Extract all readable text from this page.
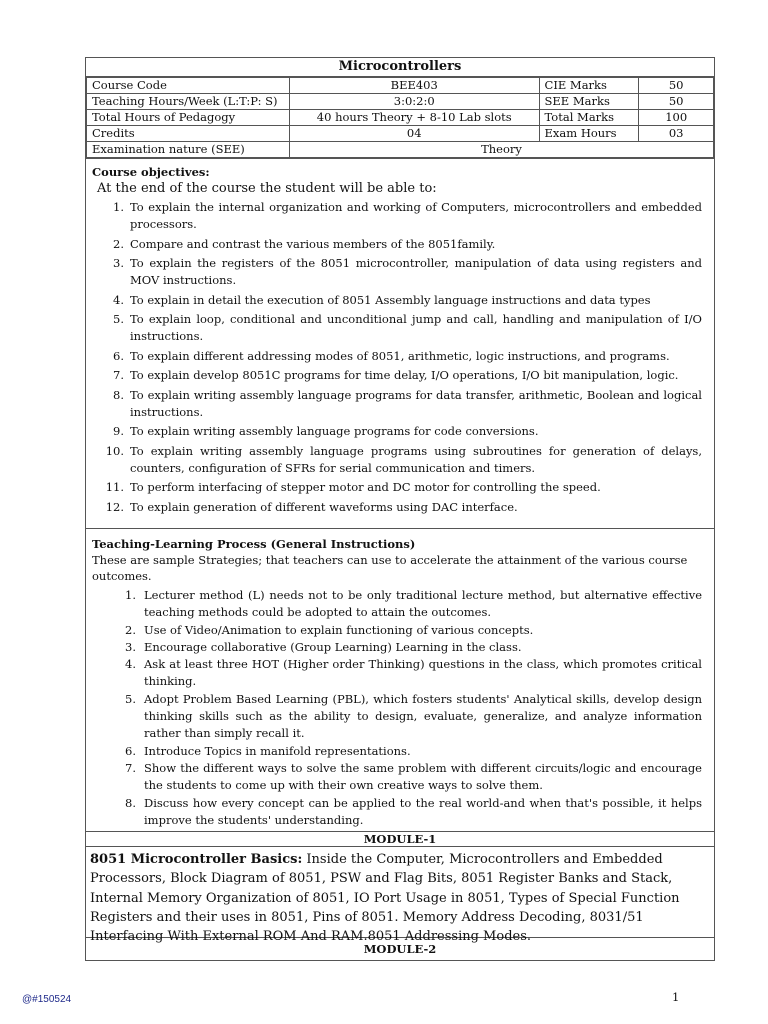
Microcontrollers
Course Code	BEE403	CIE Marks	50
Teaching Hours/Week (L:T:P: S)	3:0:2:0	SEE Marks	50
Total Hours of Pedagogy	40 hours Theory + 8-10 Lab slots	Total Marks	100
Credits	04	Exam Hours	03
Examination nature (SEE)	Theory		
Course objectives:
At the end of the course the student will be able to:
1. To explain the internal organization and working of Computers, microcontrollers and embedded processors.
2. Compare and contrast the various members of the 8051family.
3. To explain the registers of the 8051 microcontroller, manipulation of data using registers and MOV instructions.
4. To explain in detail the execution of 8051 Assembly language instructions and data types
5. To explain loop, conditional and unconditional jump and call, handling and manipulation of I/O instructions.
6. To explain different addressing modes of 8051, arithmetic, logic instructions, and programs.
7. To explain develop 8051C programs for time delay, I/O operations, I/O bit manipulation, logic.
8. To explain writing assembly language programs for data transfer, arithmetic, Boolean and logical instructions.
9. To explain writing assembly language programs for code conversions.
10. To explain writing assembly language programs using subroutines for generation of delays, counters, configuration of SFRs for serial communication and timers.
11. To perform interfacing of stepper motor and DC motor for controlling the speed.
12. To explain generation of different waveforms using DAC interface.
Teaching-Learning Process (General Instructions)
These are sample Strategies; that teachers can use to accelerate the attainment of the various course outcomes.
1. Lecturer method (L) needs not to be only traditional lecture method, but alternative effective teaching methods could be adopted to attain the outcomes.
2. Use of Video/Animation to explain functioning of various concepts.
3. Encourage collaborative (Group Learning) Learning in the class.
4. Ask at least three HOT (Higher order Thinking) questions in the class, which promotes critical thinking.
5. Adopt Problem Based Learning (PBL), which fosters students' Analytical skills, develop design thinking skills such as the ability to design, evaluate, generalize, and analyze information rather than simply recall it.
6. Introduce Topics in manifold representations.
7. Show the different ways to solve the same problem with different circuits/logic and encourage the students to come up with their own creative ways to solve them.
8. Discuss how every concept can be applied to the real world-and when that's possible, it helps improve the students' understanding.
MODULE-1
8051 Microcontroller Basics: Inside the Computer, Microcontrollers and Embedded Processors, Block Diagram of 8051, PSW and Flag Bits, 8051 Register Banks and Stack, Internal Memory Organization of 8051, IO Port Usage in 8051, Types of Special Function Registers and their uses in 8051, Pins of 8051. Memory Address Decoding, 8031/51 Interfacing With External ROM And RAM.8051 Addressing Modes.
MODULE-2
@#150524	1
